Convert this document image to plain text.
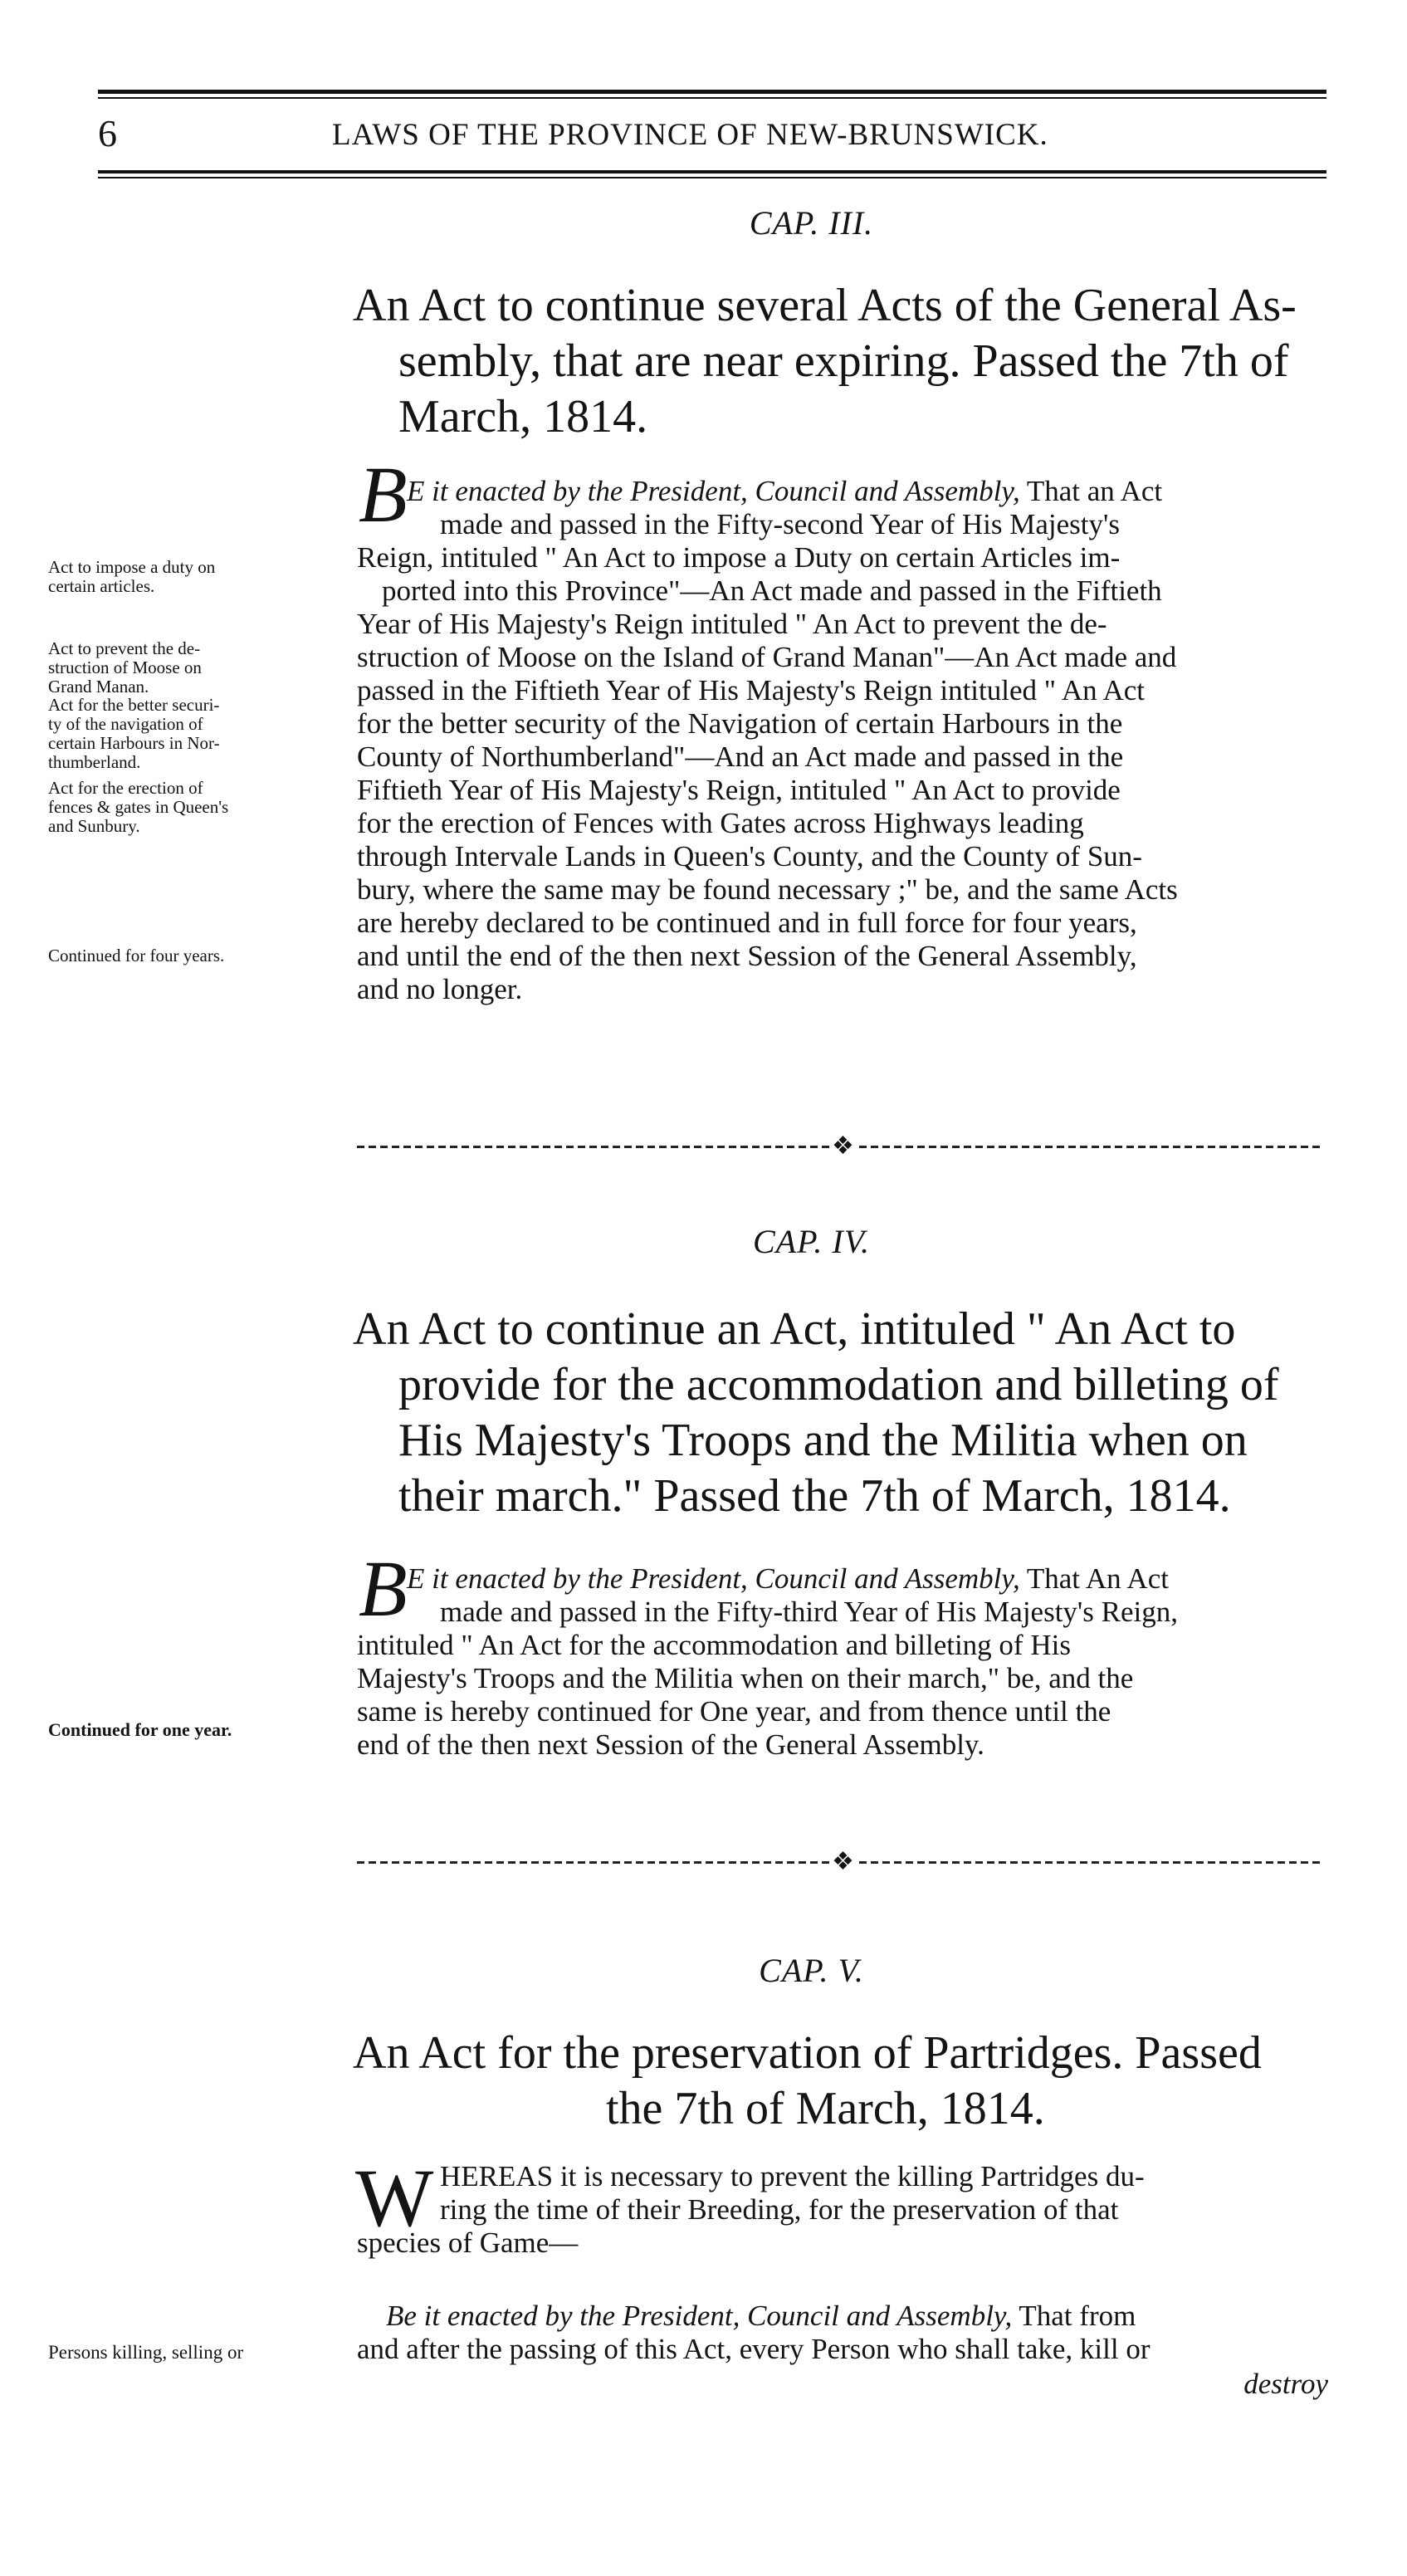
6	LAWS OF THE PROVINCE OF NEW-BRUNSWICK.
CAP. III.
An Act to continue several Acts of the General As-
sembly, that are near expiring. Passed the 7th of
March, 1814.
B E it enacted by the President, Council and Assembly, That an Act
made and passed in the Fifty-second Year of His Majesty's
Reign, intituled " An Act to impose a Duty on certain Articles im-
ported into this Province"—An Act made and passed in the Fiftieth
Year of His Majesty's Reign intituled " An Act to prevent the de-
struction of Moose on the Island of Grand Manan"—An Act made and
passed in the Fiftieth Year of His Majesty's Reign intituled " An Act
for the better security of the Navigation of certain Harbours in the
County of Northumberland"—And an Act made and passed in the
Fiftieth Year of His Majesty's Reign, intituled " An Act to provide
for the erection of Fences with Gates across Highways leading
through Intervale Lands in Queen's County, and the County of Sun-
bury, where the same may be found necessary ;" be, and the same Acts
are hereby declared to be continued and in full force for four years,
and until the end of the then next Session of the General Assembly,
and no longer.
Act to impose a duty on
certain articles.
Act to prevent the de-
struction of Moose on
Grand Manan.
Act for the better securi-
ty of the navigation of
certain Harbours in Nor-
thumberland.
Act for the erection of
fences & gates in Queen's
and Sunbury.
Continued for four years.
❖
CAP. IV.
An Act to continue an Act, intituled " An Act to
provide for the accommodation and billeting of
His Majesty's Troops and the Militia when on
their march." Passed the 7th of March, 1814.
B E it enacted by the President, Council and Assembly, That An Act
made and passed in the Fifty-third Year of His Majesty's Reign,
intituled " An Act for the accommodation and billeting of His
Majesty's Troops and the Militia when on their march," be, and the
same is hereby continued for One year, and from thence until the
end of the then next Session of the General Assembly.
Continued for one year.
❖
CAP. V.
An Act for the preservation of Partridges. Passed
the 7th of March, 1814.
W HEREAS it is necessary to prevent the killing Partridges du-
ring the time of their Breeding, for the preservation of that
species of Game—
Be it enacted by the President, Council and Assembly, That from
and after the passing of this Act, every Person who shall take, kill or
Persons killing, selling or
destroy
